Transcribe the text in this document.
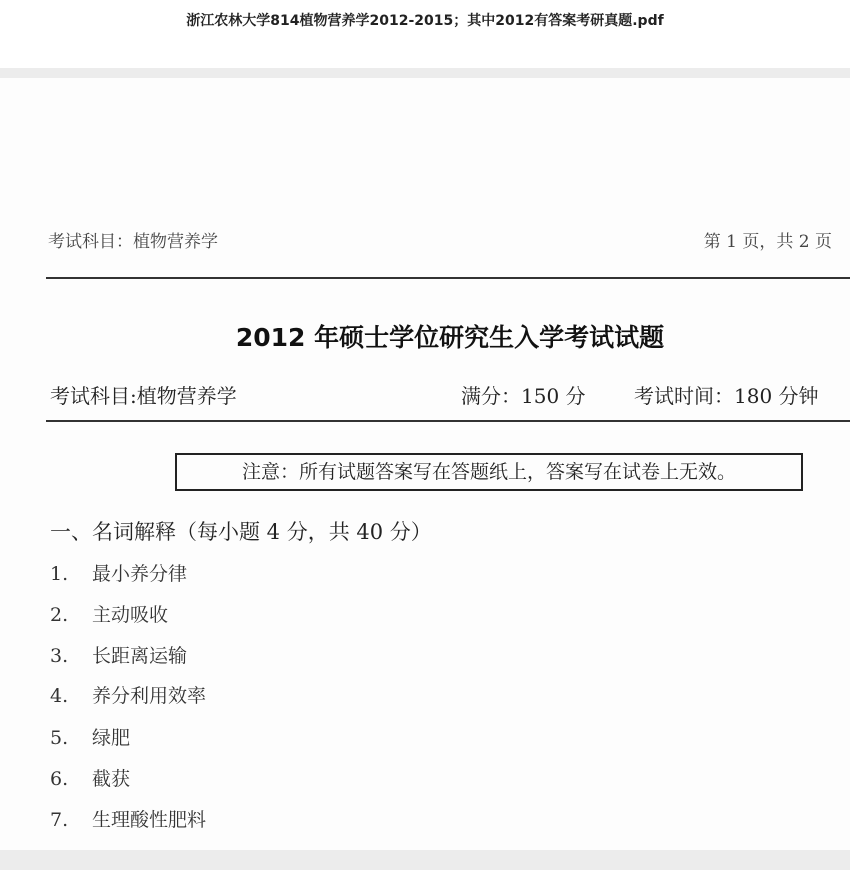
浙江农林大学814植物营养学2012-2015；其中2012有答案考研真题.pdf
考试科目：植物营养学	第 1 页，共 2 页
2012 年硕士学位研究生入学考试试题
考试科目:植物营养学	满分：150 分 考试时间：180 分钟
注意：所有试题答案写在答题纸上，答案写在试卷上无效。
一、名词解释（每小题 4 分，共 40 分）
1. 最小养分律
2. 主动吸收
3. 长距离运输
4. 养分利用效率
5. 绿肥
6. 截获
7. 生理酸性肥料
